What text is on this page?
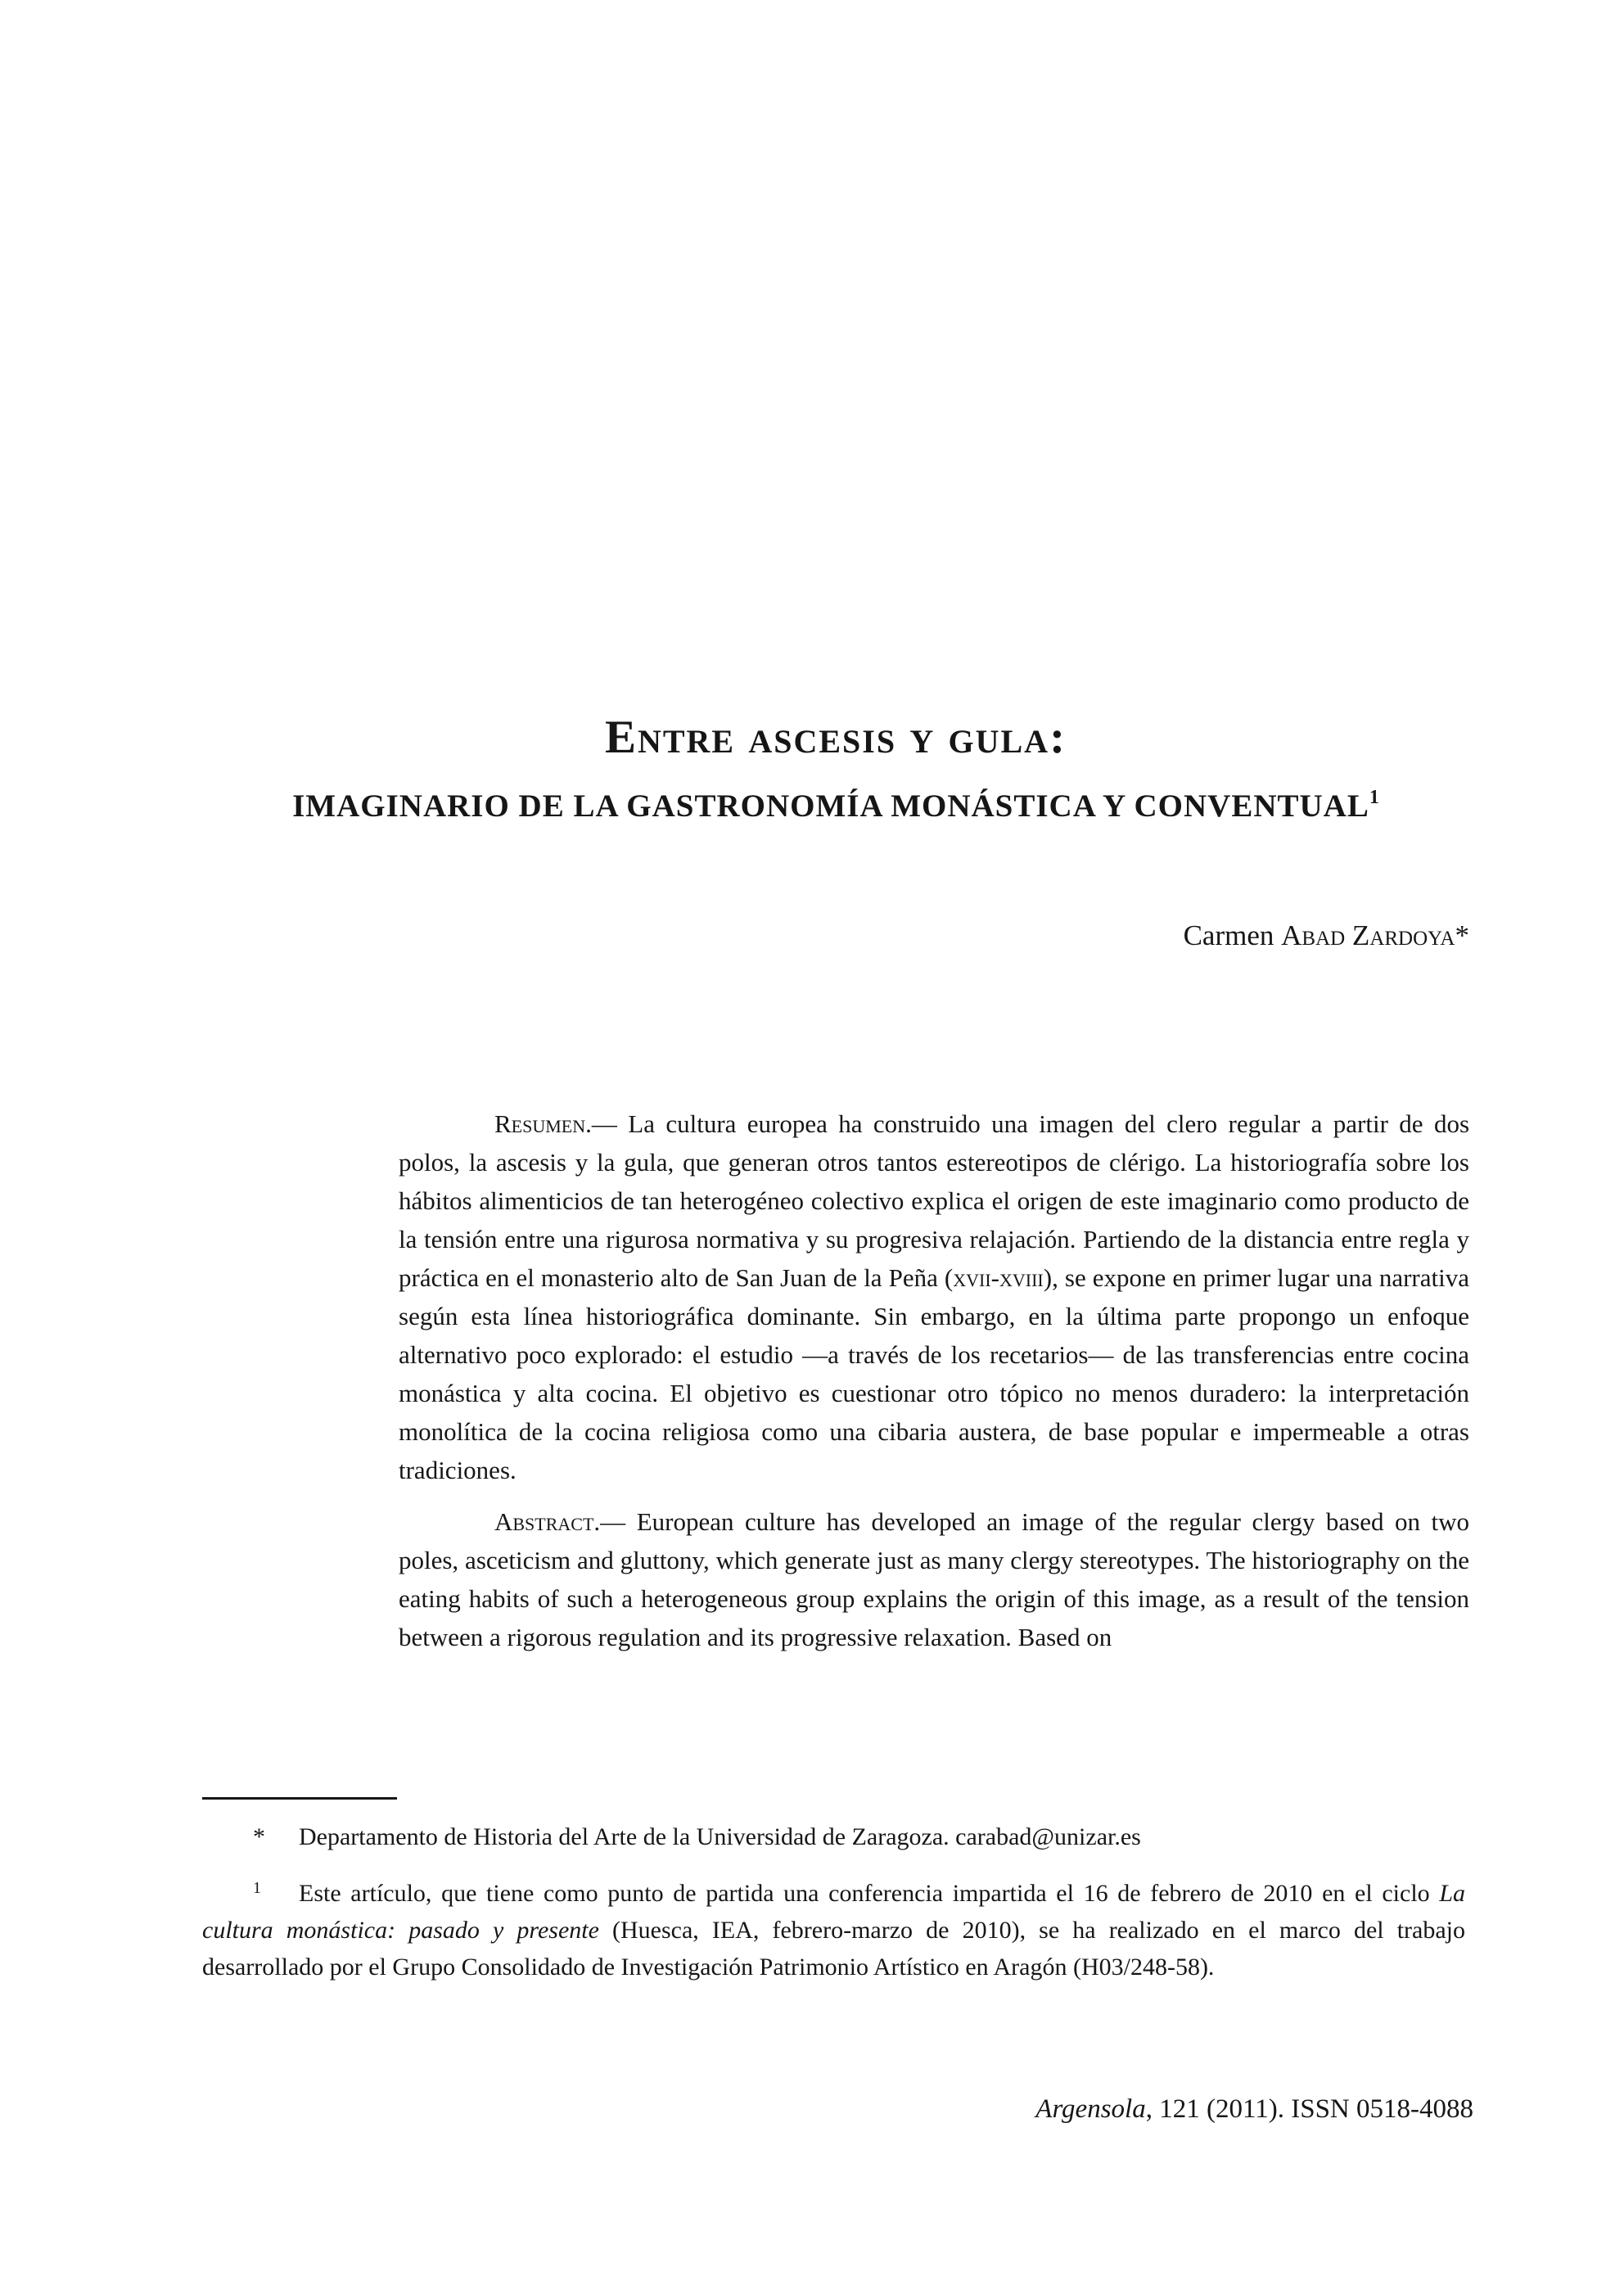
Entre ascesis y gula:
IMAGINARIO DE LA GASTRONOMÍA MONÁSTICA Y CONVENTUAL$^1$
Carmen Abad Zardoya*

Resumen.— La cultura europea ha construido una imagen del clero regular a partir de dos polos, la ascesis y la gula, que generan otros tantos estereotipos de clérigo. La historiografía sobre los hábitos alimenticios de tan heterogéneo colectivo explica el origen de este imaginario como producto de la tensión entre una rigurosa normativa y su progresiva relajación. Partiendo de la distancia entre regla y práctica en el monasterio alto de San Juan de la Peña (xvii-xviii), se expone en primer lugar una narrativa según esta línea historiográfica dominante. Sin embargo, en la última parte propongo un enfoque alternativo poco explorado: el estudio —a través de los recetarios— de las transferencias entre cocina monástica y alta cocina. El objetivo es cuestionar otro tópico no menos duradero: la interpretación monolítica de la cocina religiosa como una cibaria austera, de base popular e impermeable a otras tradiciones.

Abstract.— European culture has developed an image of the regular clergy based on two poles, asceticism and gluttony, which generate just as many clergy stereotypes. The historiography on the eating habits of such a heterogeneous group explains the origin of this image, as a result of the tension between a rigorous regulation and its progressive relaxation. Based on

* Departamento de Historia del Arte de la Universidad de Zaragoza. carabad@unizar.es

$^1$ Este artículo, que tiene como punto de partida una conferencia impartida el 16 de febrero de 2010 en el ciclo La cultura monástica: pasado y presente (Huesca, IEA, febrero-marzo de 2010), se ha realizado en el marco del trabajo desarrollado por el Grupo Consolidado de Investigación Patrimonio Artístico en Aragón (H03/248-58).

Argensola, 121 (2011). ISSN 0518-4088
